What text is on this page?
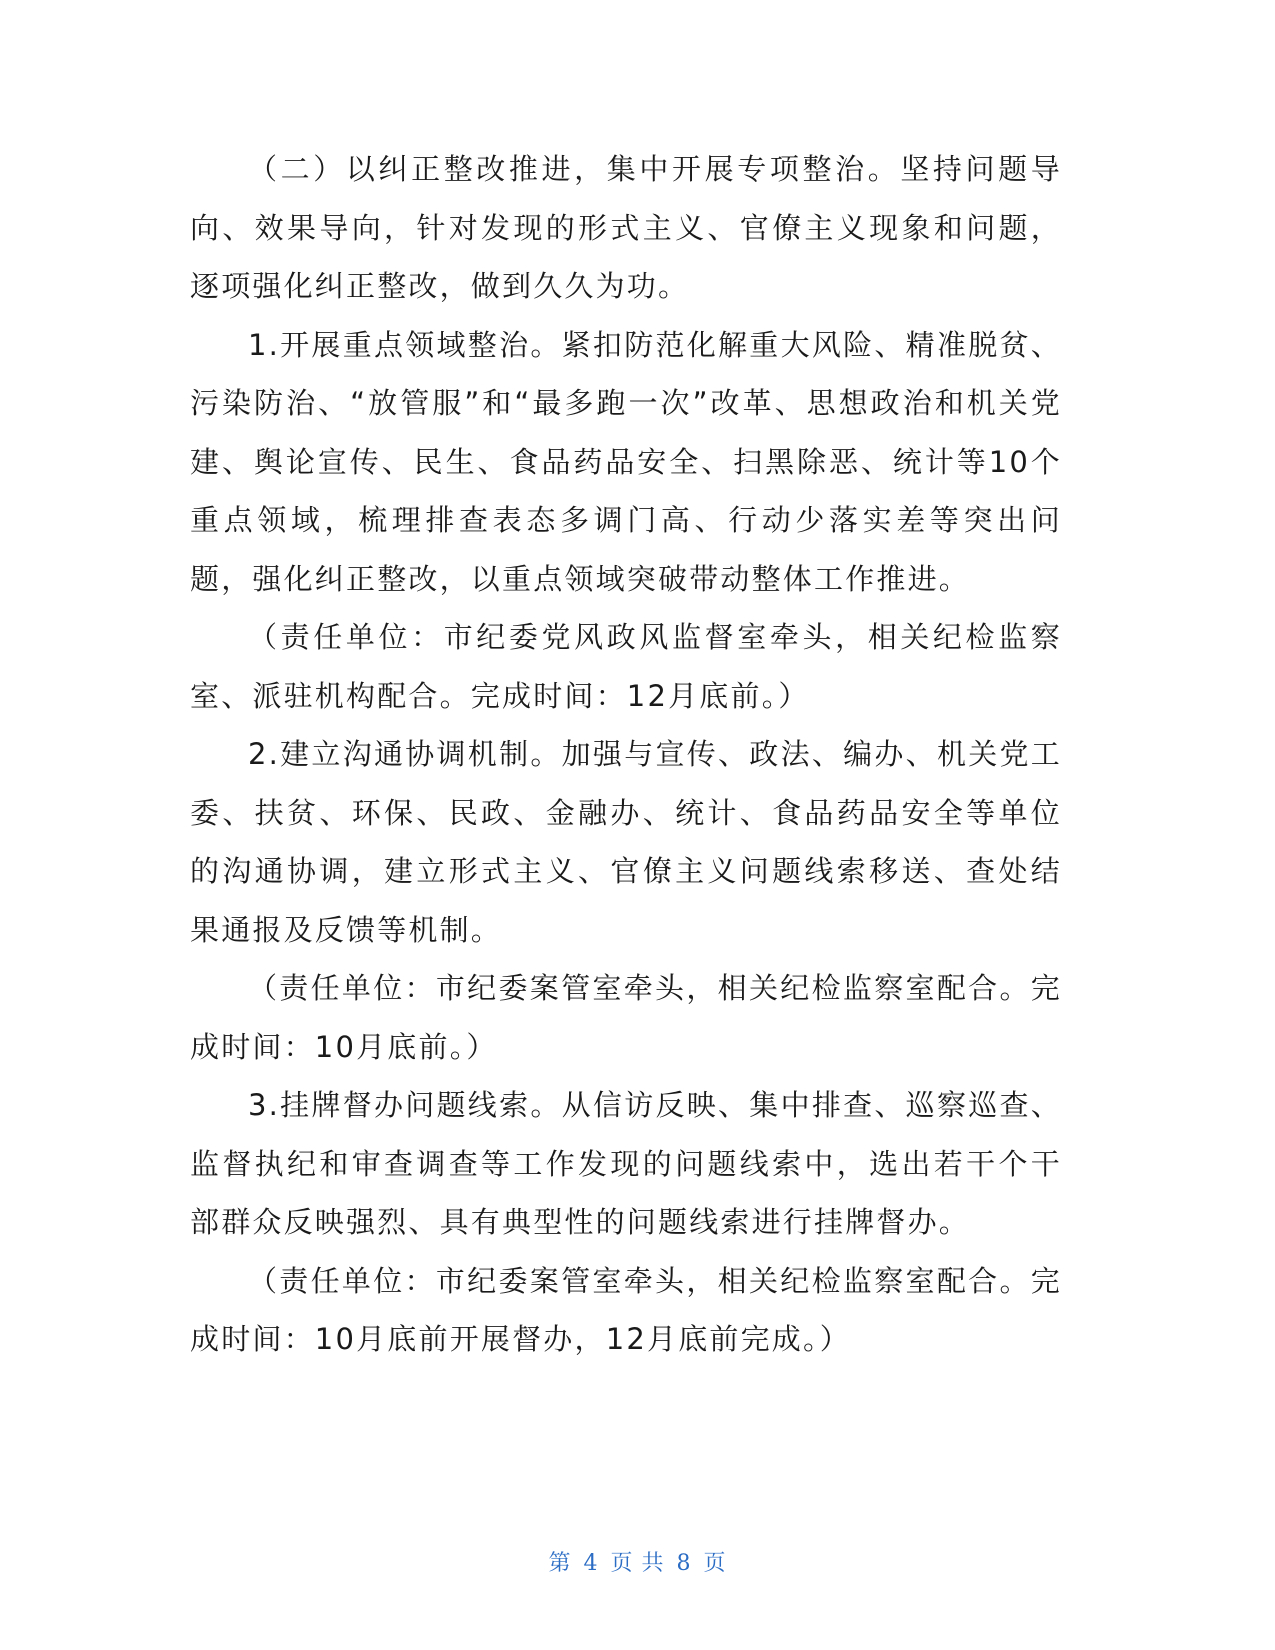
（二）以纠正整改推进，集中开展专项整治。坚持问题导向、效果导向，针对发现的形式主义、官僚主义现象和问题，逐项强化纠正整改，做到久久为功。

1.开展重点领域整治。紧扣防范化解重大风险、精准脱贫、污染防治、“放管服”和“最多跑一次”改革、思想政治和机关党建、舆论宣传、民生、食品药品安全、扫黑除恶、统计等10个重点领域，梳理排查表态多调门高、行动少落实差等突出问题，强化纠正整改，以重点领域突破带动整体工作推进。

（责任单位：市纪委党风政风监督室牵头，相关纪检监察室、派驻机构配合。完成时间：12月底前。）

2.建立沟通协调机制。加强与宣传、政法、编办、机关党工委、扶贫、环保、民政、金融办、统计、食品药品安全等单位的沟通协调，建立形式主义、官僚主义问题线索移送、查处结果通报及反馈等机制。

（责任单位：市纪委案管室牵头，相关纪检监察室配合。完成时间：10月底前。）

3.挂牌督办问题线索。从信访反映、集中排查、巡察巡查、监督执纪和审查调查等工作发现的问题线索中，选出若干个干部群众反映强烈、具有典型性的问题线索进行挂牌督办。

（责任单位：市纪委案管室牵头，相关纪检监察室配合。完成时间：10月底前开展督办，12月底前完成。）

第 4 页 共 8 页
